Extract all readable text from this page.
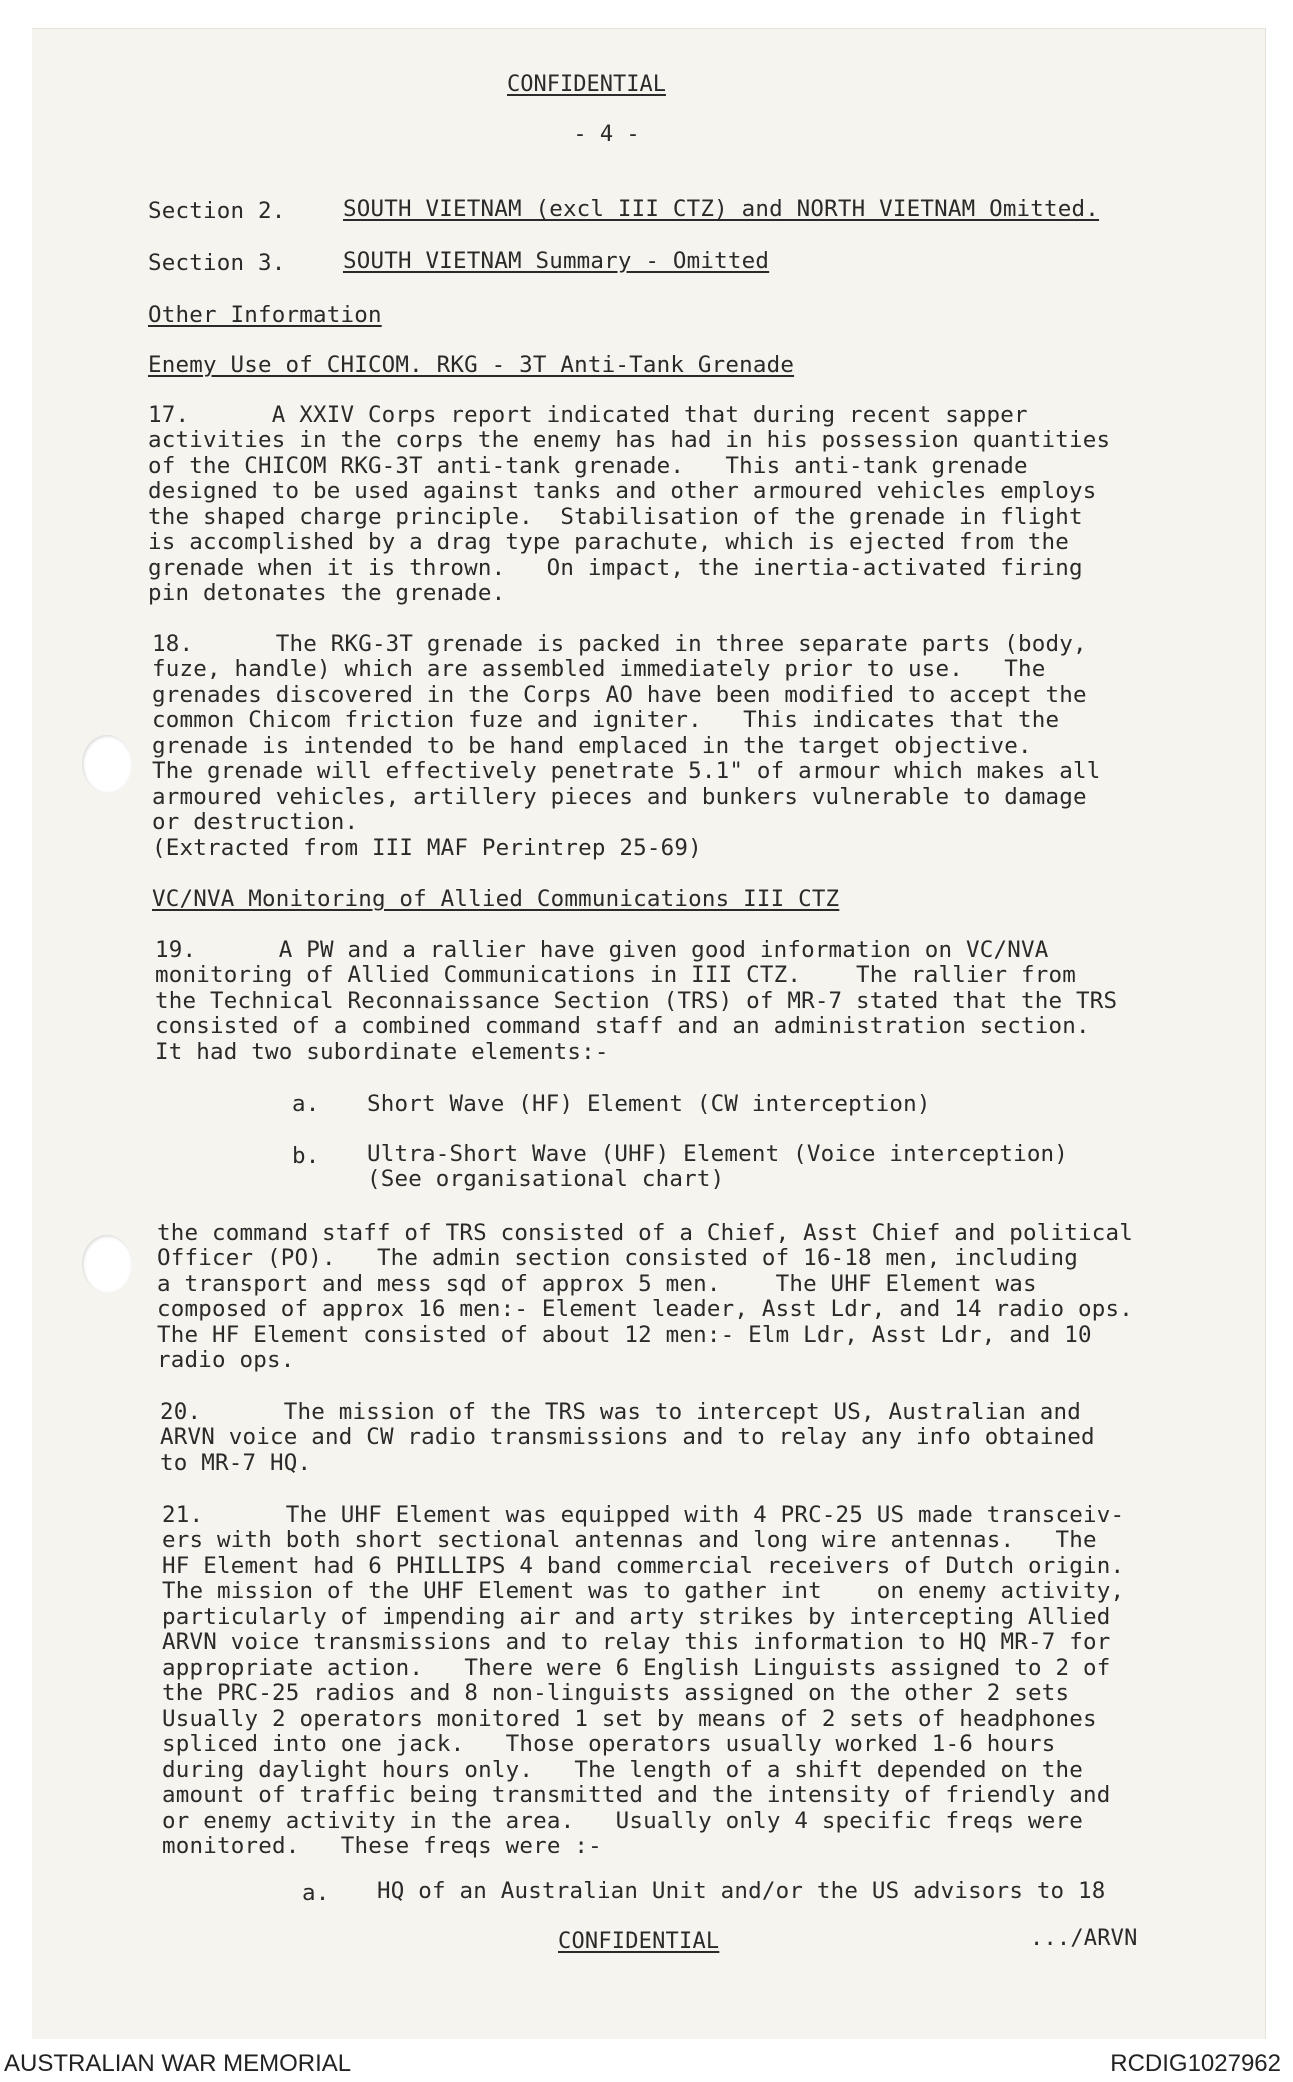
CONFIDENTIAL
- 4 -
Section 2.	SOUTH VIETNAM (excl III CTZ) and NORTH VIETNAM Omitted.
Section 3.	SOUTH VIETNAM Summary - Omitted
Other Information
Enemy Use of CHICOM. RKG - 3T Anti-Tank Grenade
17.      A XXIV Corps report indicated that during recent sapper
activities in the corps the enemy has had in his possession quantities
of the CHICOM RKG-3T anti-tank grenade.   This anti-tank grenade
designed to be used against tanks and other armoured vehicles employs
the shaped charge principle.  Stabilisation of the grenade in flight
is accomplished by a drag type parachute, which is ejected from the
grenade when it is thrown.   On impact, the inertia-activated firing
pin detonates the grenade.
18.      The RKG-3T grenade is packed in three separate parts (body,
fuze, handle) which are assembled immediately prior to use.   The
grenades discovered in the Corps AO have been modified to accept the
common Chicom friction fuze and igniter.   This indicates that the
grenade is intended to be hand emplaced in the target objective.
The grenade will effectively penetrate 5.1" of armour which makes all
armoured vehicles, artillery pieces and bunkers vulnerable to damage
or destruction.
(Extracted from III MAF Perintrep 25-69)
VC/NVA Monitoring of Allied Communications III CTZ
19.      A PW and a rallier have given good information on VC/NVA
monitoring of Allied Communications in III CTZ.    The rallier from
the Technical Reconnaissance Section (TRS) of MR-7 stated that the TRS
consisted of a combined command staff and an administration section.
It had two subordinate elements:-
a. Short Wave (HF) Element (CW interception)
b. Ultra-Short Wave (UHF) Element (Voice interception)
(See organisational chart)
the command staff of TRS consisted of a Chief, Asst Chief and political
Officer (PO).   The admin section consisted of 16-18 men, including
a transport and mess sqd of approx 5 men.    The UHF Element was
composed of approx 16 men:- Element leader, Asst Ldr, and 14 radio ops.
The HF Element consisted of about 12 men:- Elm Ldr, Asst Ldr, and 10
radio ops.
20.      The mission of the TRS was to intercept US, Australian and
ARVN voice and CW radio transmissions and to relay any info obtained
to MR-7 HQ.
21.      The UHF Element was equipped with 4 PRC-25 US made transceiv-
ers with both short sectional antennas and long wire antennas.   The
HF Element had 6 PHILLIPS 4 band commercial receivers of Dutch origin.
The mission of the UHF Element was to gather int    on enemy activity,
particularly of impending air and arty strikes by intercepting Allied
ARVN voice transmissions and to relay this information to HQ MR-7 for
appropriate action.   There were 6 English Linguists assigned to 2 of
the PRC-25 radios and 8 non-linguists assigned on the other 2 sets
Usually 2 operators monitored 1 set by means of 2 sets of headphones
spliced into one jack.   Those operators usually worked 1-6 hours
during daylight hours only.   The length of a shift depended on the
amount of traffic being transmitted and the intensity of friendly and
or enemy activity in the area.   Usually only 4 specific freqs were
monitored.   These freqs were :-
a. HQ of an Australian Unit and/or the US advisors to 18
CONFIDENTIAL	.../ARVN
AUSTRALIAN WAR MEMORIAL	RCDIG1027962
